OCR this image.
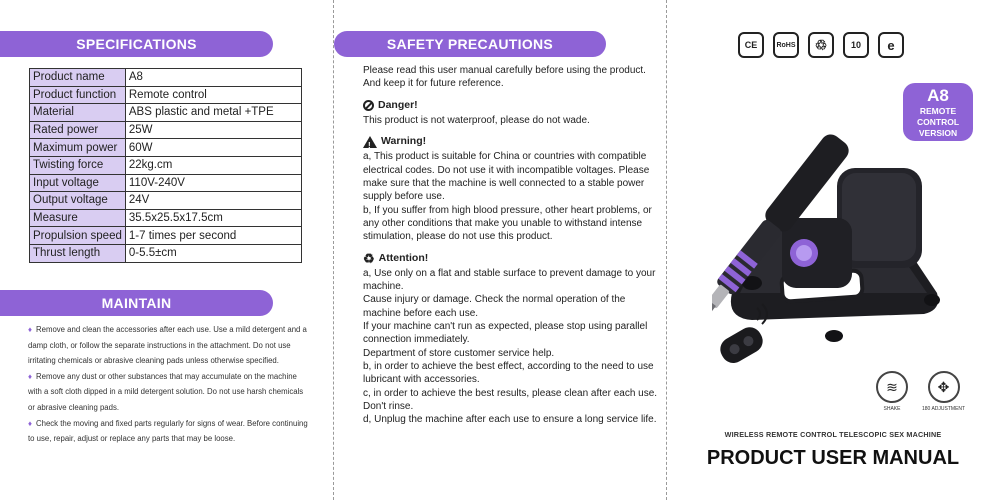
SPECIFICATIONS
Product name	A8
Product function	Remote control
Material	ABS plastic and metal +TPE
Rated power	25W
Maximum power	60W
Twisting force	22kg.cm
Input voltage	110V-240V
Output voltage	24V
Measure	35.5x25.5x17.5cm
Propulsion speed	1-7 times per second
Thrust length	0-5.5±cm
MAINTAIN

♦ Remove and clean the accessories after each use. Use a mild detergent and a damp cloth, or follow the separate instructions in the attachment. Do not use irritating chemicals or abrasive cleaning pads unless otherwise specified.

♦ Remove any dust or other substances that may accumulate on the machine with a soft cloth dipped in a mild detergent solution. Do not use harsh chemicals or abrasive cleaning pads.

♦ Check the moving and fixed parts regularly for signs of wear. Before continuing to use, repair, adjust or replace any parts that may be loose.

SAFETY PRECAUTIONS

Please read this user manual carefully before using the product. And keep it for future reference.

Danger!

This product is not waterproof, please do not wade.

! Warning!

a, This product is suitable for China or countries with compatible electrical codes. Do not use it with incompatible voltages. Please make sure that the machine is well connected to a stable power supply before use.

b, If you suffer from high blood pressure, other heart problems, or any other conditions that make you unable to withstand intense stimulation, please do not use this product.

♻ Attention!

a, Use only on a flat and stable surface to prevent damage to your machine.

Cause injury or damage. Check the normal operation of the machine before each use.

If your machine can't run as expected, please stop using parallel connection immediately.

Department of store customer service help.

b, in order to achieve the best effect, according to the need to use lubricant with accessories.

c, in order to achieve the best results, please clean after each use. Don't rinse.

d, Unplug the machine after each use to ensure a long service life.

CE	RoHS	♲	10	e
A8
REMOTE
CONTROL
VERSION
≋
SHAKE
✥
180 ADJUSTMENT
WIRELESS REMOTE CONTROL TELESCOPIC SEX MACHINE
PRODUCT USER MANUAL
